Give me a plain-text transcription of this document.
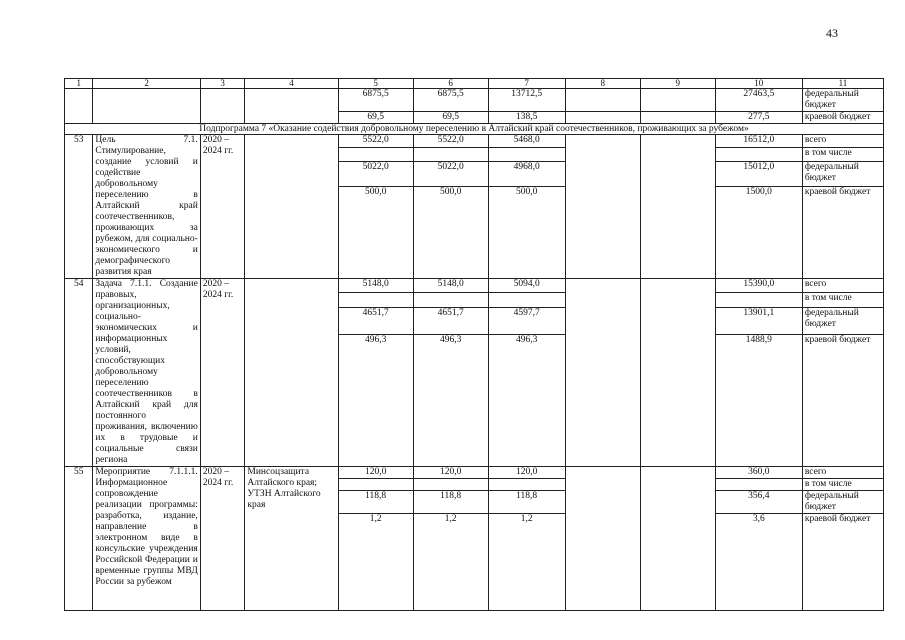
43
1	2	3	4	5	6	7	8	9	10	11
				6875,5	6875,5	13712,5			27463,5	федеральный бюджет
				69,5	69,5	138,5			277,5	краевой бюджет
Подпрограмма 7 «Оказание содействия добровольному переселению в Алтайский край соотечественников, проживающих за рубежом»										
53	Цель 7.1. Стимулирование, создание условий и содействие добровольному переселению в Алтайский край соотечественников, проживающих за рубежом, для социально-экономического и демографического развития края	2020 – 2024 гг.		5522,0	5522,0	5468,0			16512,0	всего
										в том числе
				5022,0	5022,0	4968,0			15012,0	федеральный бюджет
				500,0	500,0	500,0			1500,0	краевой бюджет
54	Задача 7.1.1. Создание правовых, организационных, социально-экономических и информационных условий, способствующих добровольному переселению соотечественников в Алтайский край для постоянного проживания, включению их в трудовые и социальные связи региона	2020 – 2024 гг.		5148,0	5148,0	5094,0			15390,0	всего
										в том числе
				4651,7	4651,7	4597,7			13901,1	федеральный бюджет
				496,3	496,3	496,3			1488,9	краевой бюджет
55	Мероприятие 7.1.1.1. Информационное сопровождение реализации программы: разработка, издание, направление в электронном виде в консульские учреждения Российской Федерации и временные группы МВД России за рубежом	2020 – 2024 гг.	Минсоцзащита Алтайского края; УТЗН Алтайского края	120,0	120,0	120,0			360,0	всего
										в том числе
				118,8	118,8	118,8			356,4	федеральный бюджет
				1,2	1,2	1,2			3,6	краевой бюджет
